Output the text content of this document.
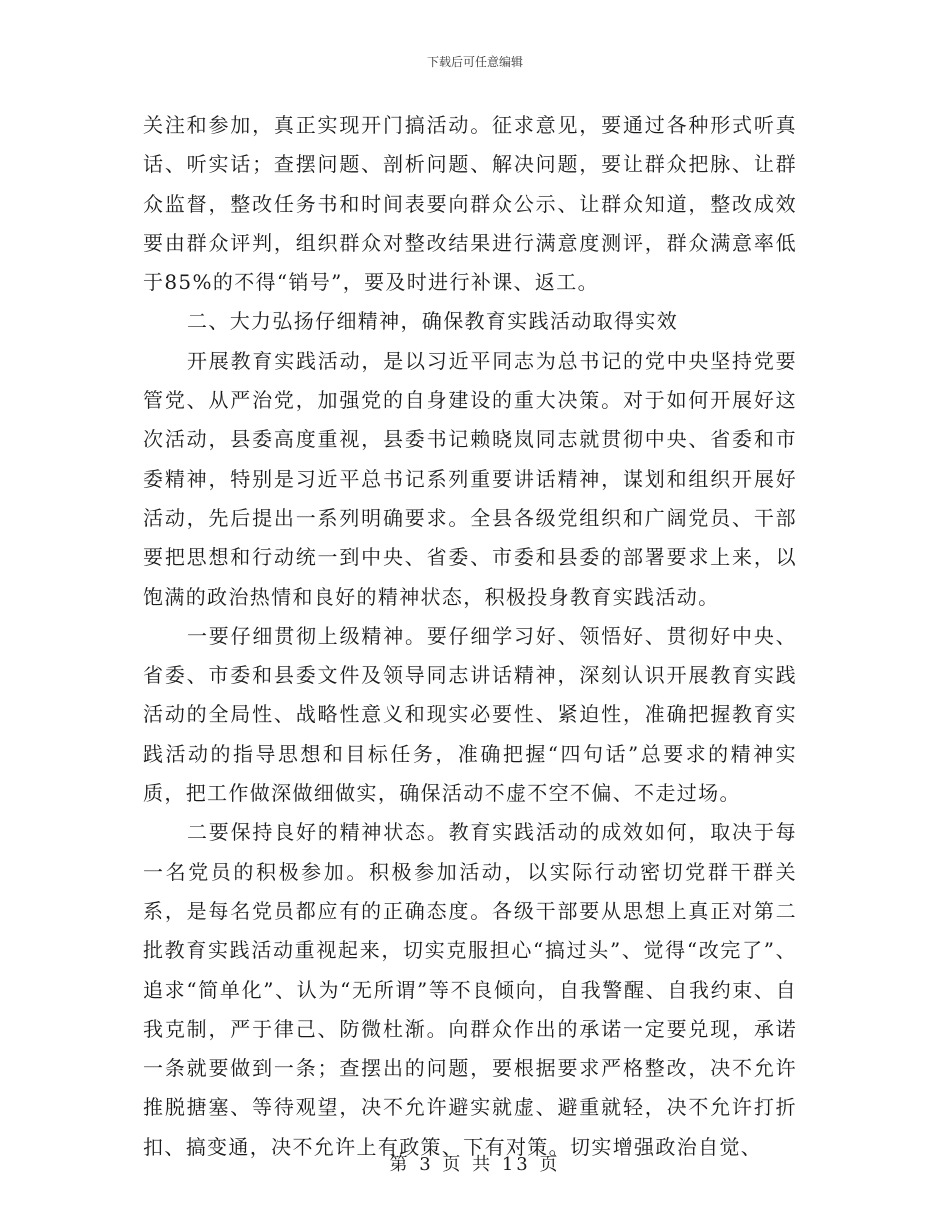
下载后可任意编辑

关注和参加，真正实现开门搞活动。征求意见，要通过各种形式听真话、听实话；查摆问题、剖析问题、解决问题，要让群众把脉、让群众监督，整改任务书和时间表要向群众公示、让群众知道，整改成效要由群众评判，组织群众对整改结果进行满意度测评，群众满意率低于85%的不得“销号”，要及时进行补课、返工。

二、大力弘扬仔细精神，确保教育实践活动取得实效

开展教育实践活动，是以习近平同志为总书记的党中央坚持党要管党、从严治党，加强党的自身建设的重大决策。对于如何开展好这次活动，县委高度重视，县委书记赖晓岚同志就贯彻中央、省委和市委精神，特别是习近平总书记系列重要讲话精神，谋划和组织开展好活动，先后提出一系列明确要求。全县各级党组织和广阔党员、干部要把思想和行动统一到中央、省委、市委和县委的部署要求上来，以饱满的政治热情和良好的精神状态，积极投身教育实践活动。

一要仔细贯彻上级精神。要仔细学习好、领悟好、贯彻好中央、省委、市委和县委文件及领导同志讲话精神，深刻认识开展教育实践活动的全局性、战略性意义和现实必要性、紧迫性，准确把握教育实践活动的指导思想和目标任务，准确把握“四句话”总要求的精神实质，把工作做深做细做实，确保活动不虚不空不偏、不走过场。

二要保持良好的精神状态。教育实践活动的成效如何，取决于每一名党员的积极参加。积极参加活动，以实际行动密切党群干群关系，是每名党员都应有的正确态度。各级干部要从思想上真正对第二批教育实践活动重视起来，切实克服担心“搞过头”、觉得“改完了”、追求“简单化”、认为“无所谓”等不良倾向，自我警醒、自我约束、自我克制，严于律己、防微杜渐。向群众作出的承诺一定要兑现，承诺一条就要做到一条；查摆出的问题，要根据要求严格整改，决不允许推脱搪塞、等待观望，决不允许避实就虚、避重就轻，决不允许打折扣、搞变通，决不允许上有政策、下有对策。切实增强政治自觉、

第 3 页 共 13 页
